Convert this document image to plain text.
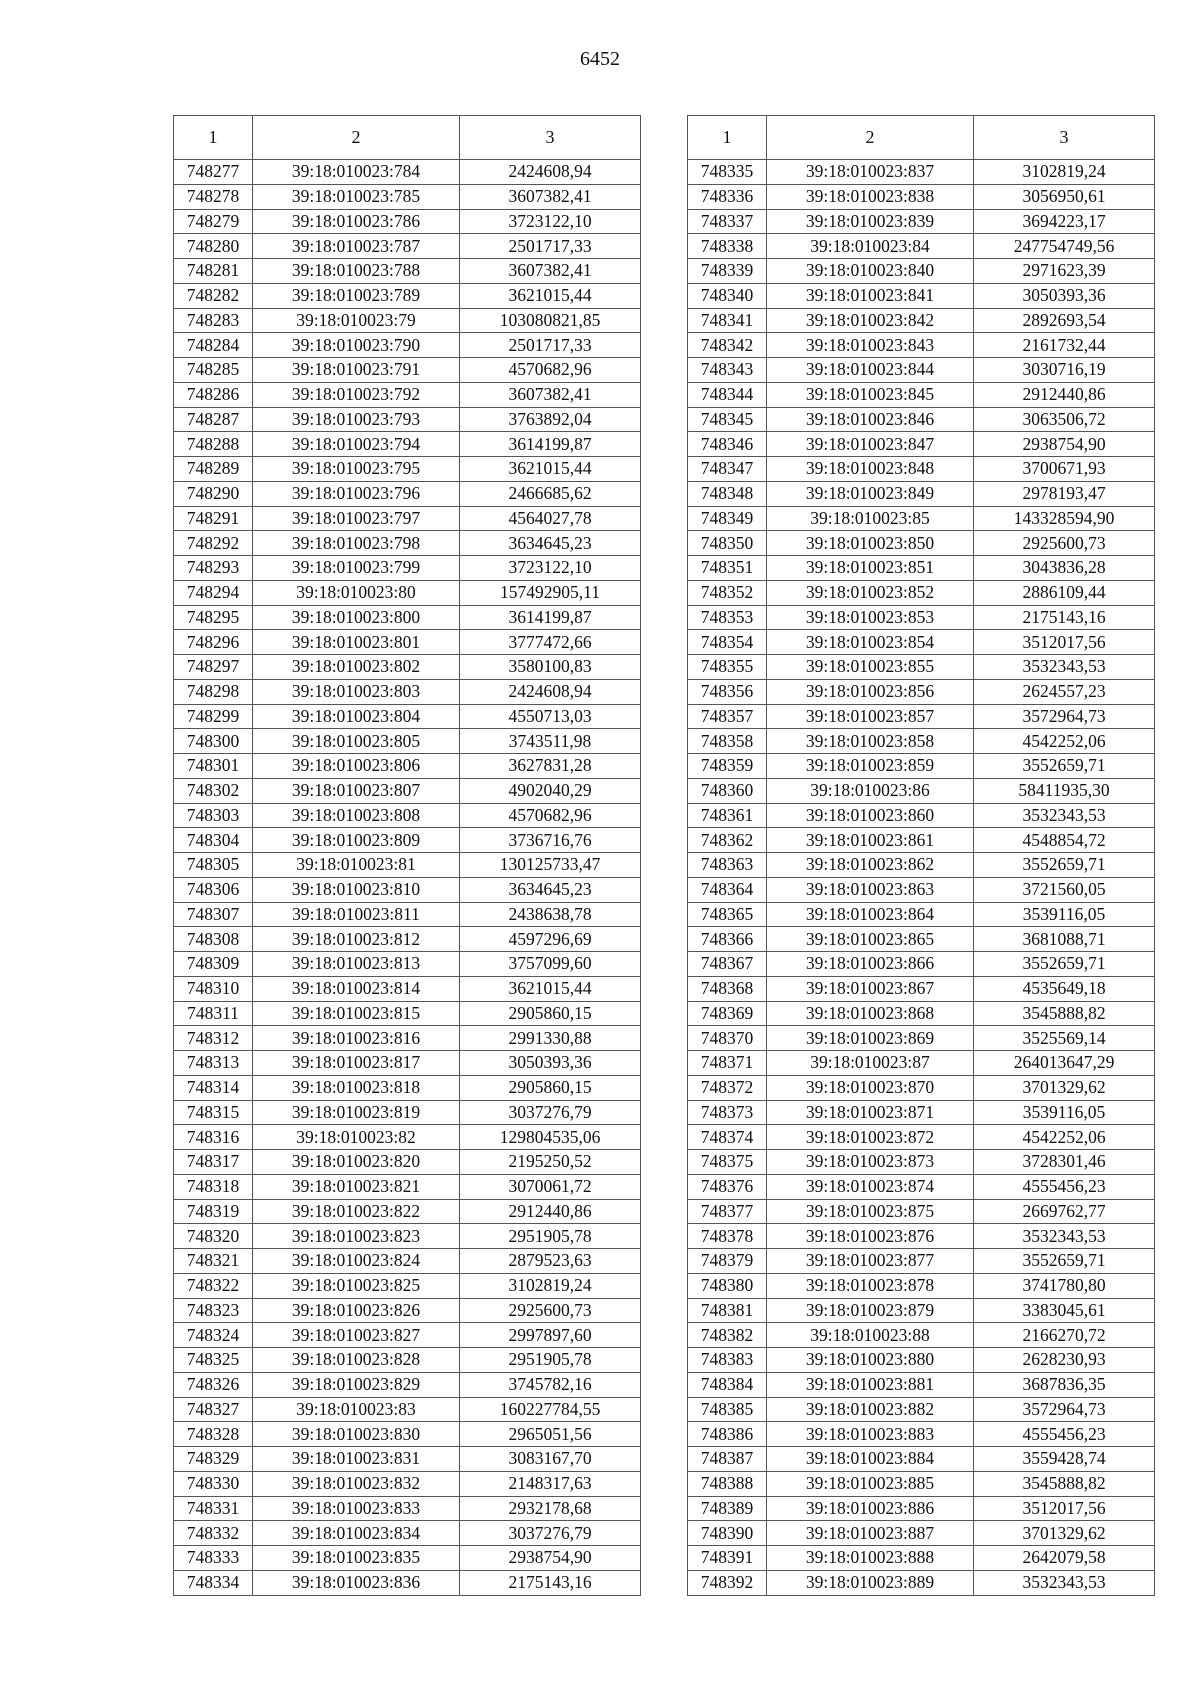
6452
1	2	3
748277	39:18:010023:784	2424608,94
748278	39:18:010023:785	3607382,41
748279	39:18:010023:786	3723122,10
748280	39:18:010023:787	2501717,33
748281	39:18:010023:788	3607382,41
748282	39:18:010023:789	3621015,44
748283	39:18:010023:79	103080821,85
748284	39:18:010023:790	2501717,33
748285	39:18:010023:791	4570682,96
748286	39:18:010023:792	3607382,41
748287	39:18:010023:793	3763892,04
748288	39:18:010023:794	3614199,87
748289	39:18:010023:795	3621015,44
748290	39:18:010023:796	2466685,62
748291	39:18:010023:797	4564027,78
748292	39:18:010023:798	3634645,23
748293	39:18:010023:799	3723122,10
748294	39:18:010023:80	157492905,11
748295	39:18:010023:800	3614199,87
748296	39:18:010023:801	3777472,66
748297	39:18:010023:802	3580100,83
748298	39:18:010023:803	2424608,94
748299	39:18:010023:804	4550713,03
748300	39:18:010023:805	3743511,98
748301	39:18:010023:806	3627831,28
748302	39:18:010023:807	4902040,29
748303	39:18:010023:808	4570682,96
748304	39:18:010023:809	3736716,76
748305	39:18:010023:81	130125733,47
748306	39:18:010023:810	3634645,23
748307	39:18:010023:811	2438638,78
748308	39:18:010023:812	4597296,69
748309	39:18:010023:813	3757099,60
748310	39:18:010023:814	3621015,44
748311	39:18:010023:815	2905860,15
748312	39:18:010023:816	2991330,88
748313	39:18:010023:817	3050393,36
748314	39:18:010023:818	2905860,15
748315	39:18:010023:819	3037276,79
748316	39:18:010023:82	129804535,06
748317	39:18:010023:820	2195250,52
748318	39:18:010023:821	3070061,72
748319	39:18:010023:822	2912440,86
748320	39:18:010023:823	2951905,78
748321	39:18:010023:824	2879523,63
748322	39:18:010023:825	3102819,24
748323	39:18:010023:826	2925600,73
748324	39:18:010023:827	2997897,60
748325	39:18:010023:828	2951905,78
748326	39:18:010023:829	3745782,16
748327	39:18:010023:83	160227784,55
748328	39:18:010023:830	2965051,56
748329	39:18:010023:831	3083167,70
748330	39:18:010023:832	2148317,63
748331	39:18:010023:833	2932178,68
748332	39:18:010023:834	3037276,79
748333	39:18:010023:835	2938754,90
748334	39:18:010023:836	2175143,16
1	2	3
748335	39:18:010023:837	3102819,24
748336	39:18:010023:838	3056950,61
748337	39:18:010023:839	3694223,17
748338	39:18:010023:84	247754749,56
748339	39:18:010023:840	2971623,39
748340	39:18:010023:841	3050393,36
748341	39:18:010023:842	2892693,54
748342	39:18:010023:843	2161732,44
748343	39:18:010023:844	3030716,19
748344	39:18:010023:845	2912440,86
748345	39:18:010023:846	3063506,72
748346	39:18:010023:847	2938754,90
748347	39:18:010023:848	3700671,93
748348	39:18:010023:849	2978193,47
748349	39:18:010023:85	143328594,90
748350	39:18:010023:850	2925600,73
748351	39:18:010023:851	3043836,28
748352	39:18:010023:852	2886109,44
748353	39:18:010023:853	2175143,16
748354	39:18:010023:854	3512017,56
748355	39:18:010023:855	3532343,53
748356	39:18:010023:856	2624557,23
748357	39:18:010023:857	3572964,73
748358	39:18:010023:858	4542252,06
748359	39:18:010023:859	3552659,71
748360	39:18:010023:86	58411935,30
748361	39:18:010023:860	3532343,53
748362	39:18:010023:861	4548854,72
748363	39:18:010023:862	3552659,71
748364	39:18:010023:863	3721560,05
748365	39:18:010023:864	3539116,05
748366	39:18:010023:865	3681088,71
748367	39:18:010023:866	3552659,71
748368	39:18:010023:867	4535649,18
748369	39:18:010023:868	3545888,82
748370	39:18:010023:869	3525569,14
748371	39:18:010023:87	264013647,29
748372	39:18:010023:870	3701329,62
748373	39:18:010023:871	3539116,05
748374	39:18:010023:872	4542252,06
748375	39:18:010023:873	3728301,46
748376	39:18:010023:874	4555456,23
748377	39:18:010023:875	2669762,77
748378	39:18:010023:876	3532343,53
748379	39:18:010023:877	3552659,71
748380	39:18:010023:878	3741780,80
748381	39:18:010023:879	3383045,61
748382	39:18:010023:88	2166270,72
748383	39:18:010023:880	2628230,93
748384	39:18:010023:881	3687836,35
748385	39:18:010023:882	3572964,73
748386	39:18:010023:883	4555456,23
748387	39:18:010023:884	3559428,74
748388	39:18:010023:885	3545888,82
748389	39:18:010023:886	3512017,56
748390	39:18:010023:887	3701329,62
748391	39:18:010023:888	2642079,58
748392	39:18:010023:889	3532343,53
